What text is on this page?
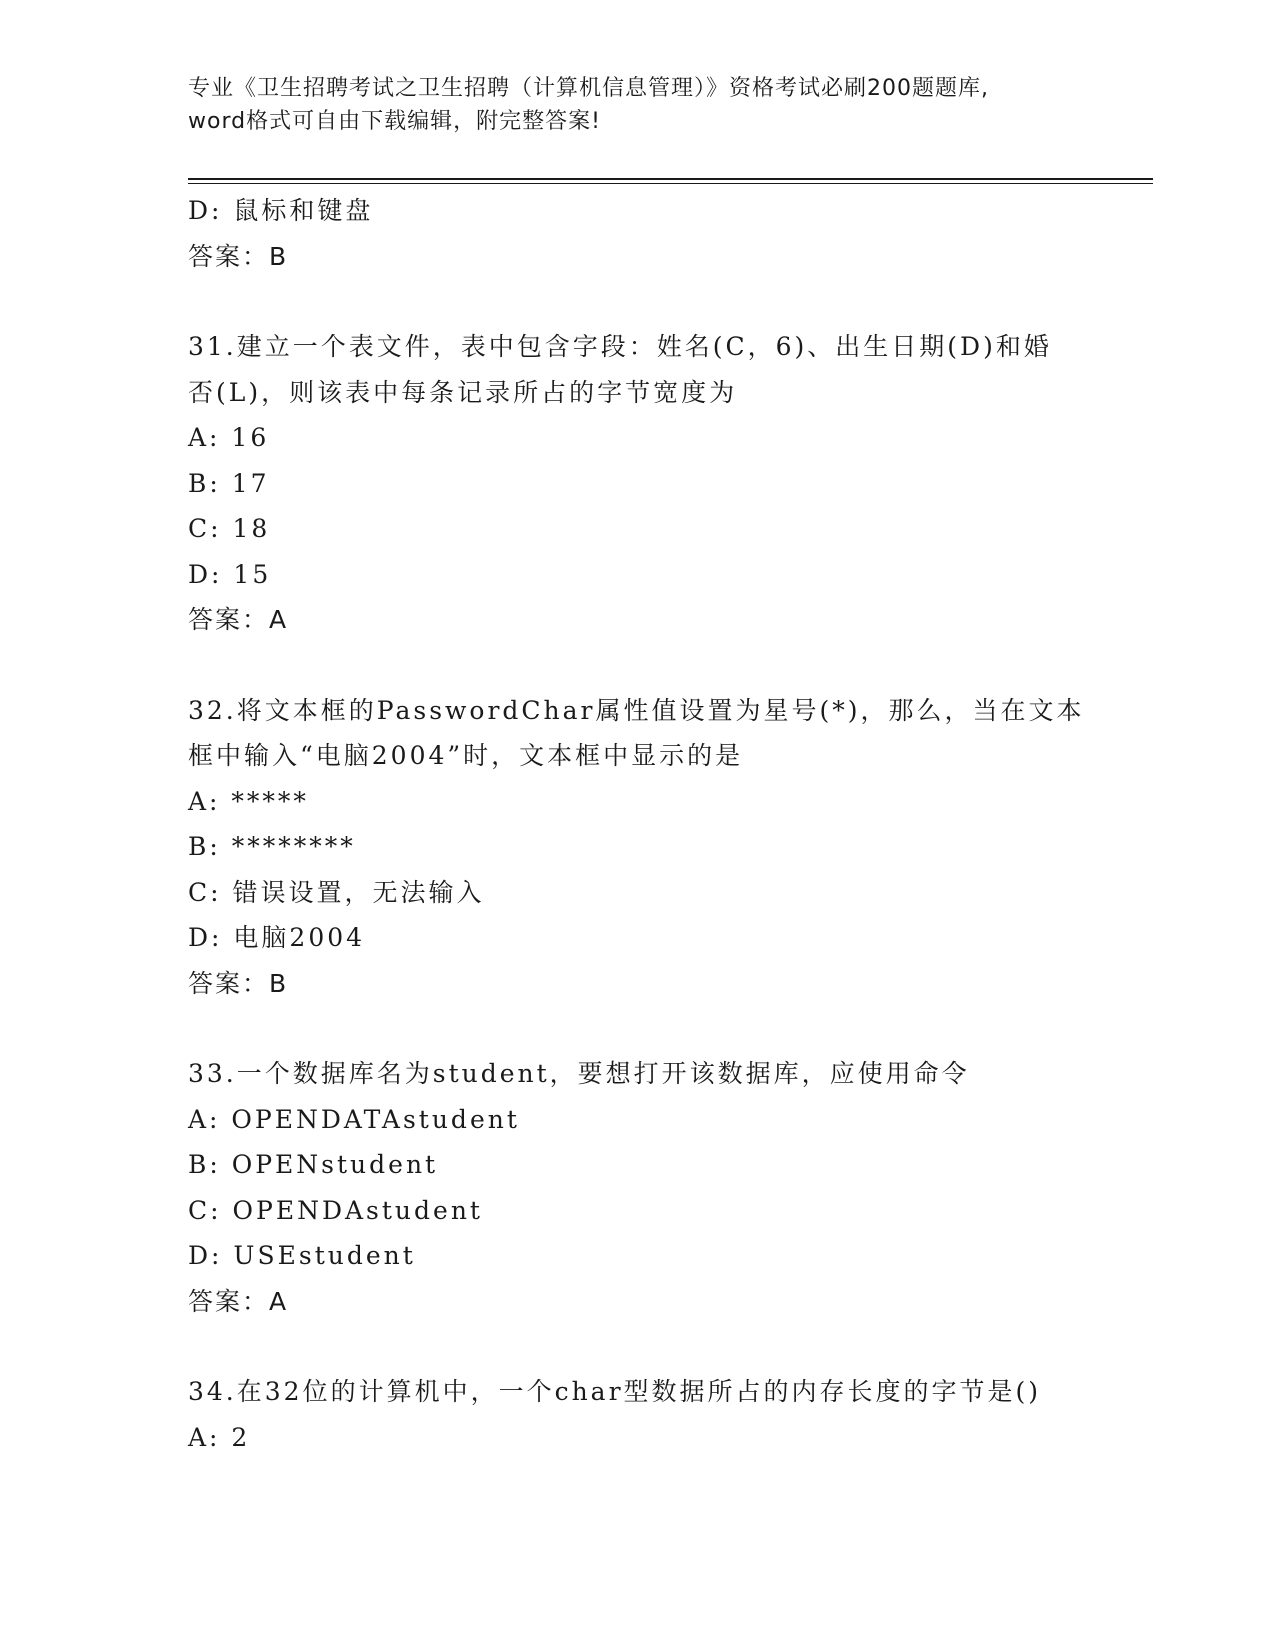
专业《卫生招聘考试之卫生招聘（计算机信息管理）》资格考试必刷200题题库,
word格式可自由下载编辑，附完整答案!
D: 鼠标和键盘
答案：B
31.建立一个表文件，表中包含字段：姓名(C，6)、出生日期(D)和婚
否(L)，则该表中每条记录所占的字节宽度为
A: 16
B: 17
C: 18
D: 15
答案：A
32.将文本框的PasswordChar属性值设置为星号(*)，那么，当在文本
框中输入“电脑2004”时，文本框中显示的是
A: *****
B: ********
C: 错误设置，无法输入
D: 电脑2004
答案：B
33.一个数据库名为student，要想打开该数据库，应使用命令
A: OPENDATAstudent
B: OPENstudent
C: OPENDAstudent
D: USEstudent
答案：A
34.在32位的计算机中，一个char型数据所占的内存长度的字节是()
A: 2
